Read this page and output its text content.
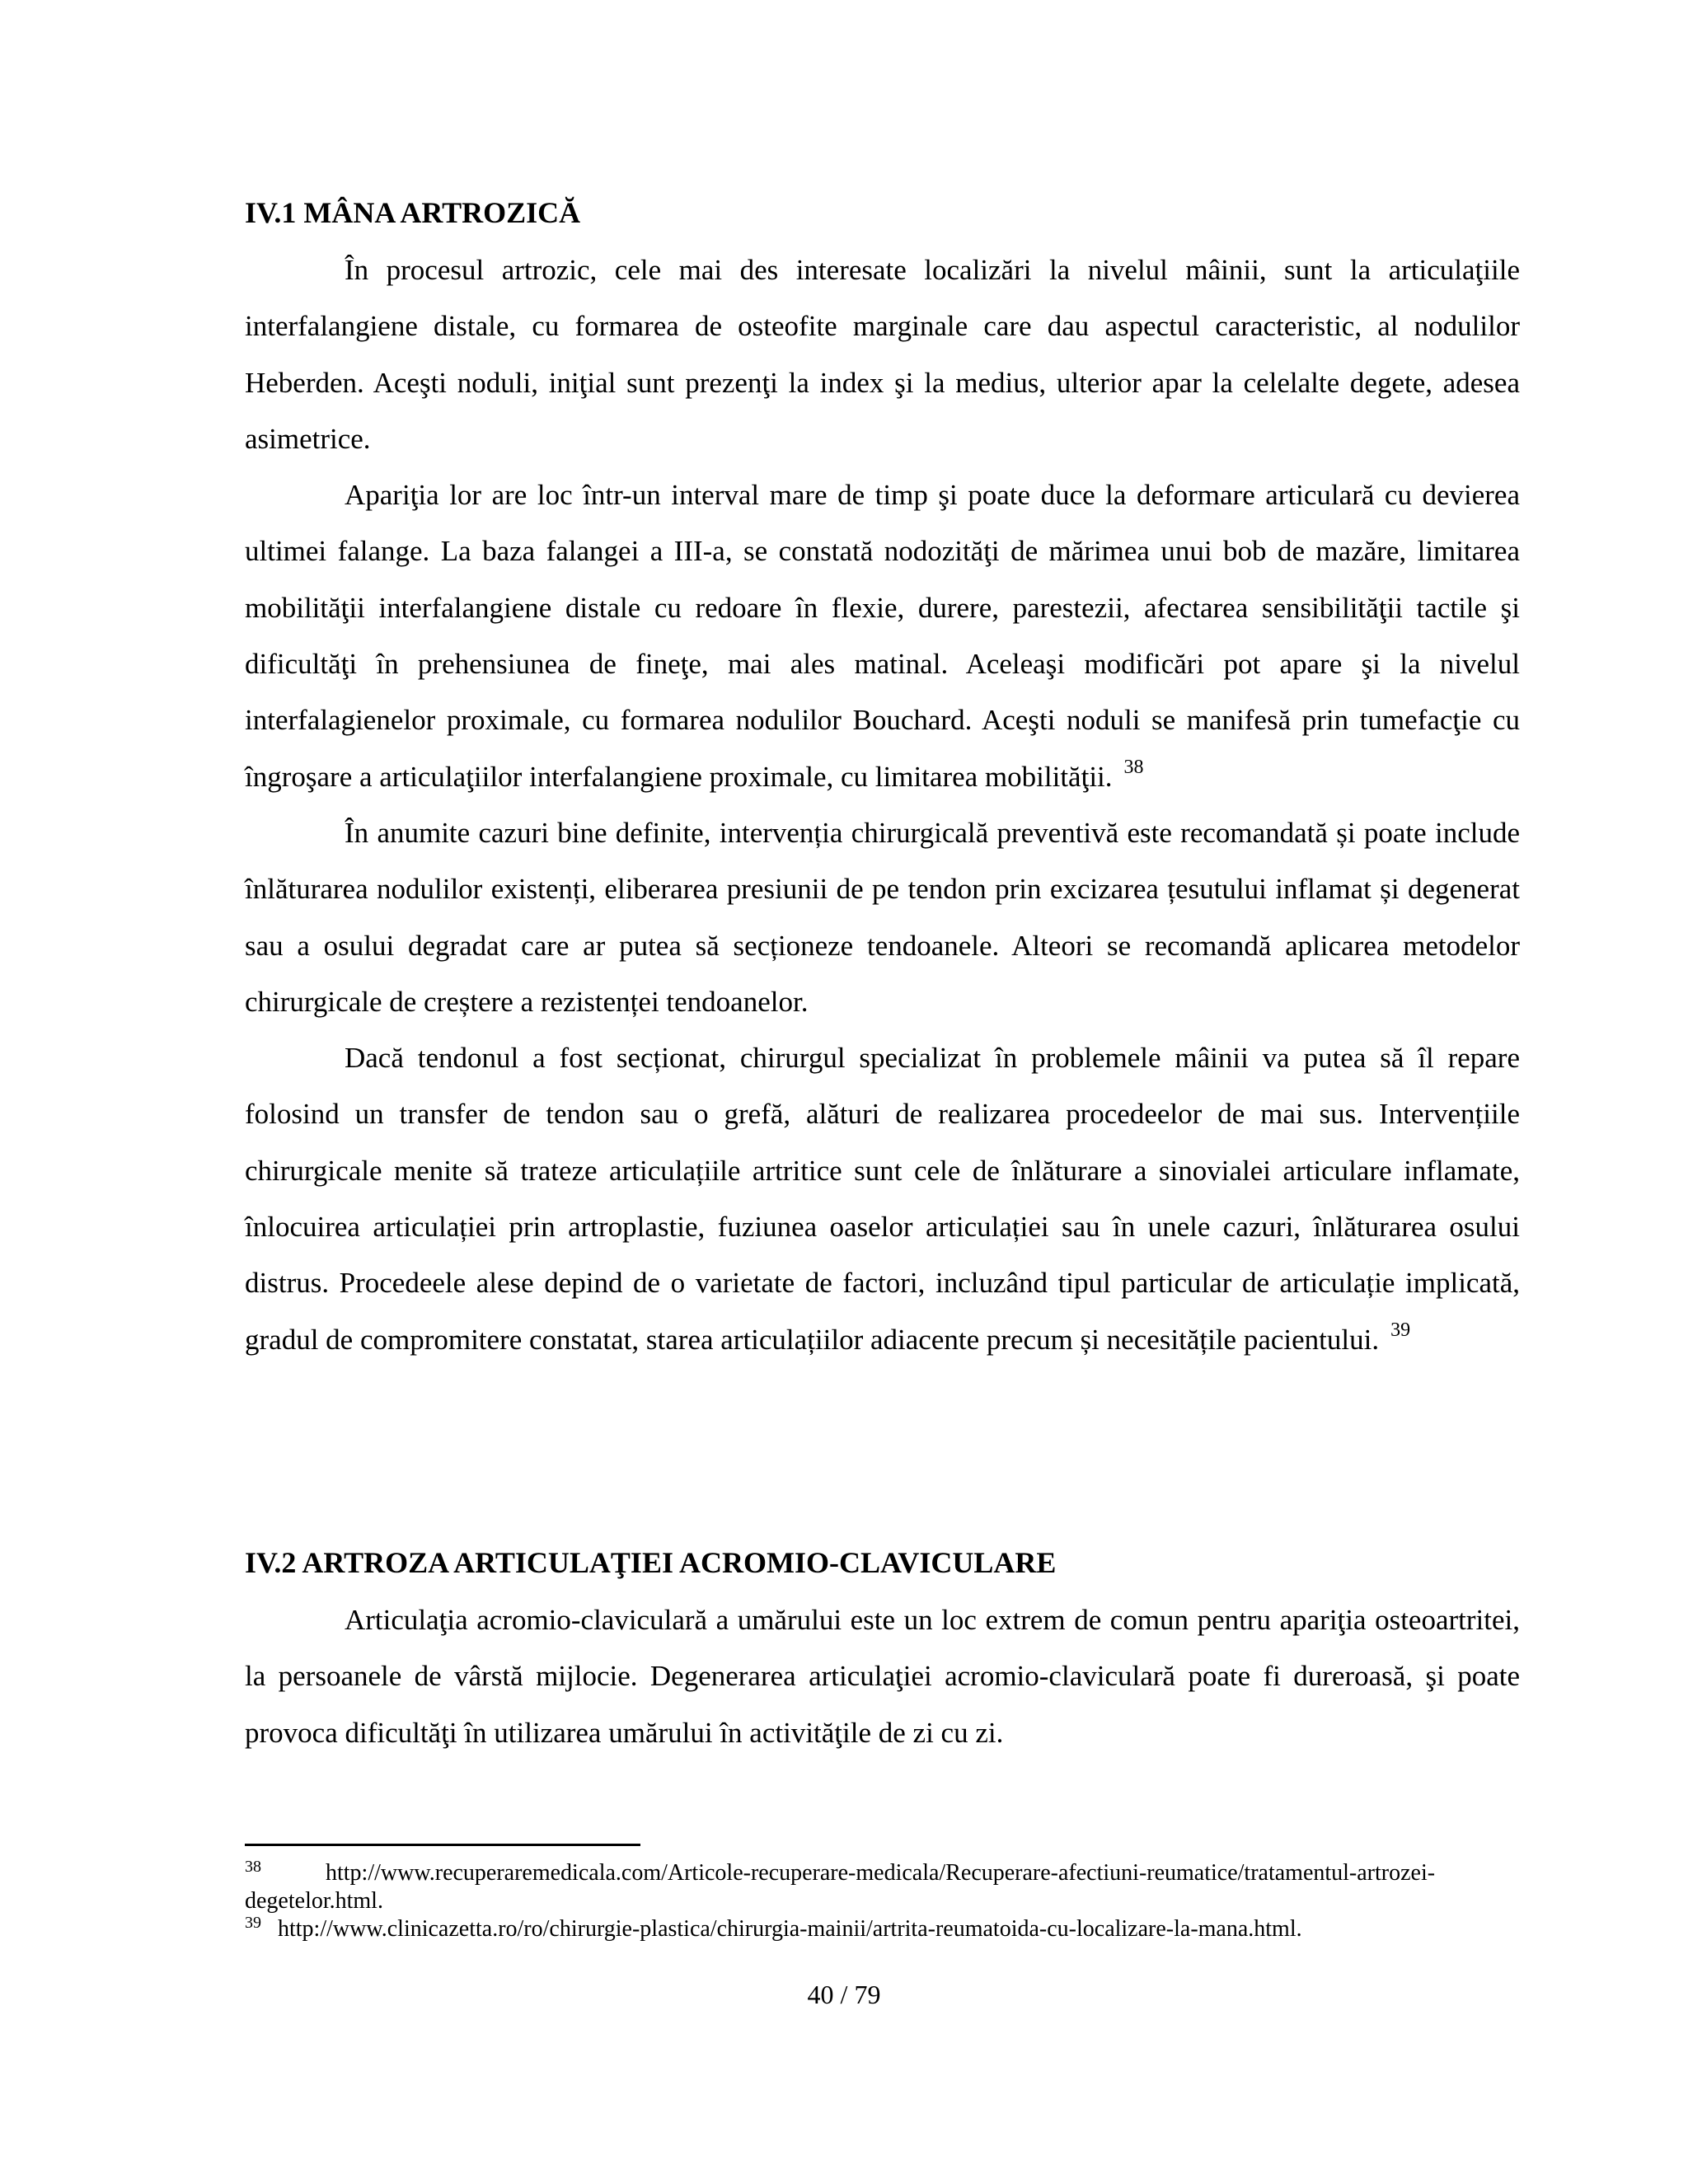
IV.1 MÂNA ARTROZICĂ

În procesul artrozic, cele mai des interesate localizări la nivelul mâinii, sunt la articulaţiile interfalangiene distale, cu formarea de osteofite marginale care dau aspectul caracteristic, al nodulilor Heberden. Aceşti noduli, iniţial sunt prezenţi la index şi la medius, ulterior apar la celelalte degete, adesea asimetrice.

Apariţia lor are loc într-un interval mare de timp şi poate duce la deformare articulară cu devierea ultimei falange. La baza falangei a III-a, se constată nodozităţi de mărimea unui bob de mazăre, limitarea mobilităţii interfalangiene distale cu redoare în flexie, durere, parestezii, afectarea sensibilităţii tactile şi dificultăţi în prehensiunea de fineţe, mai ales matinal. Aceleaşi modificări pot apare şi la nivelul interfalagienelor proximale, cu formarea nodulilor Bouchard. Aceşti noduli se manifesă prin tumefacţie cu îngroşare a articulaţiilor interfalangiene proximale, cu limitarea mobilităţii. $^{38}$

În anumite cazuri bine definite, intervenția chirurgicală preventivă este recomandată și poate include înlăturarea nodulilor existenți, eliberarea presiunii de pe tendon prin excizarea țesutului inflamat și degenerat sau a osului degradat care ar putea să secționeze tendoanele. Alteori se recomandă aplicarea metodelor chirurgicale de creștere a rezistenței tendoanelor.

Dacă tendonul a fost secționat, chirurgul specializat în problemele mâinii va putea să îl repare folosind un transfer de tendon sau o grefă, alături de realizarea procedeelor de mai sus. Intervențiile chirurgicale menite să trateze articulațiile artritice sunt cele de înlăturare a sinovialei articulare inflamate, înlocuirea articulației prin artroplastie, fuziunea oaselor articulației sau în unele cazuri, înlăturarea osului distrus. Procedeele alese depind de o varietate de factori, incluzând tipul particular de articulație implicată, gradul de compromitere constatat, starea articulațiilor adiacente precum și necesitățile pacientului. $^{39}$

IV.2 ARTROZA ARTICULAŢIEI ACROMIO-CLAVICULARE

Articulaţia acromio-claviculară a umărului este un loc extrem de comun pentru apariţia osteoartritei, la persoanele de vârstă mijlocie. Degenerarea articulaţiei acromio-claviculară poate fi dureroasă, şi poate provoca dificultăţi în utilizarea umărului în activităţile de zi cu zi.

$^{38}$	http://www.recuperaremedicala.com/Articole-recuperare-medicala/Recuperare-afectiuni-reumatice/tratamentul-artrozei-degetelor.html.

$^{39}$ http://www.clinicazetta.ro/ro/chirurgie-plastica/chirurgia-mainii/artrita-reumatoida-cu-localizare-la-mana.html.

40 / 79
